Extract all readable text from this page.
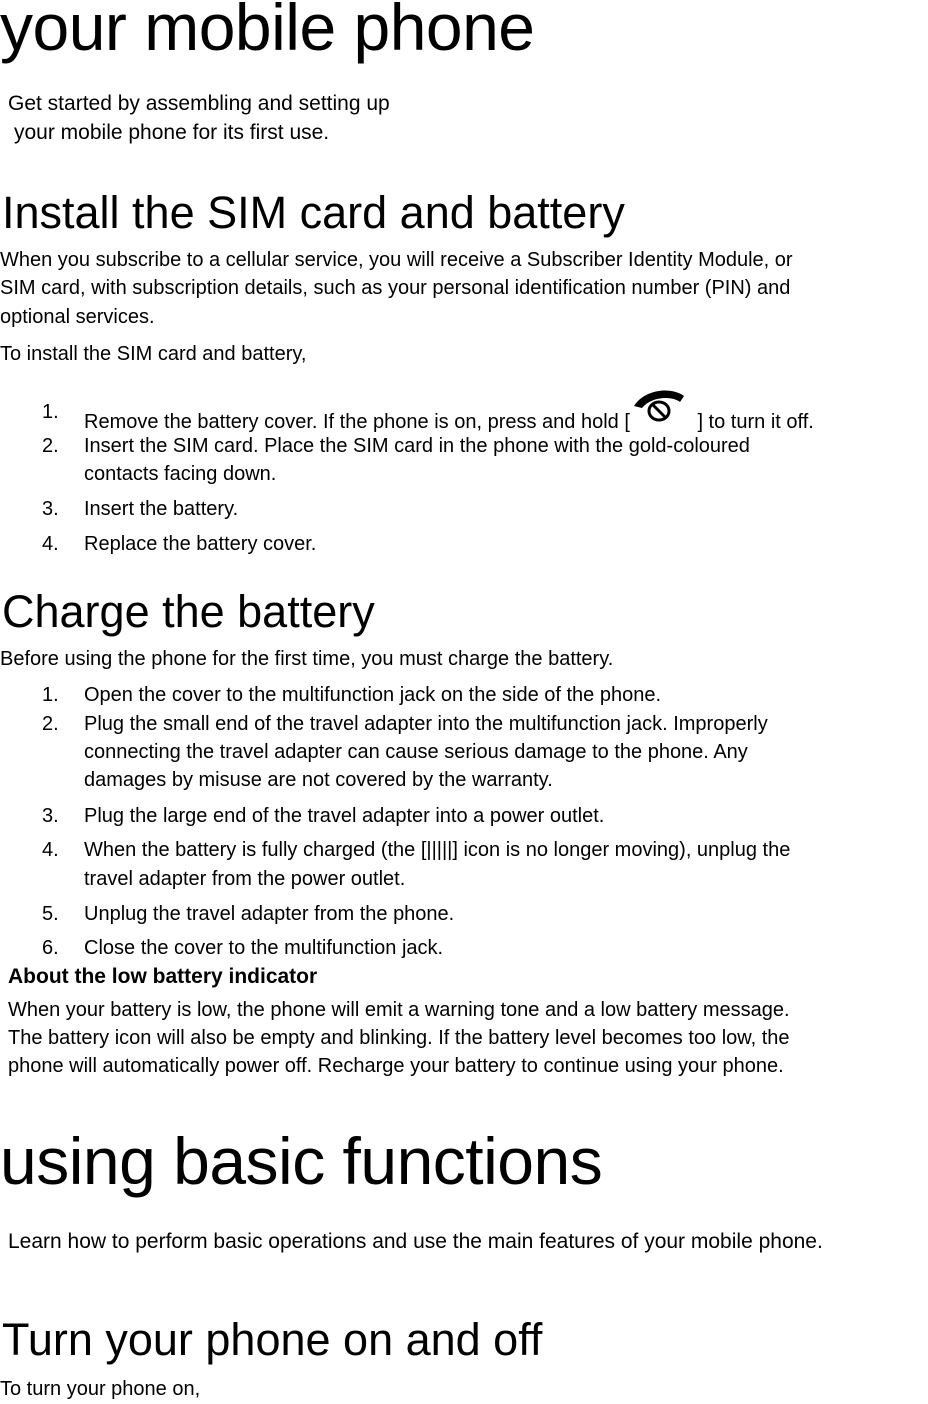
your mobile phone
Get started by assembling and setting up
your mobile phone for its first use.
Install the SIM card and battery
When you subscribe to a cellular service, you will receive a Subscriber Identity Module, or
SIM card, with subscription details, such as your personal identification number (PIN) and
optional services.
To install the SIM card and battery,
1. Remove the battery cover. If the phone is on, press and hold [	] to turn it off.
2. Insert the SIM card. Place the SIM card in the phone with the gold-coloured
contacts facing down.
3. Insert the battery.
4. Replace the battery cover.
Charge the battery
Before using the phone for the first time, you must charge the battery.
1. Open the cover to the multifunction jack on the side of the phone.
2. Plug the small end of the travel adapter into the multifunction jack. Improperly
connecting the travel adapter can cause serious damage to the phone. Any
damages by misuse are not covered by the warranty.
3. Plug the large end of the travel adapter into a power outlet.
4. When the battery is fully charged (the [|||||] icon is no longer moving), unplug the
travel adapter from the power outlet.
5. Unplug the travel adapter from the phone.
6. Close the cover to the multifunction jack.
About the low battery indicator
When your battery is low, the phone will emit a warning tone and a low battery message.
The battery icon will also be empty and blinking. If the battery level becomes too low, the
phone will automatically power off. Recharge your battery to continue using your phone.
using basic functions
Learn how to perform basic operations and use the main features of your mobile phone.
Turn your phone on and off
To turn your phone on,
